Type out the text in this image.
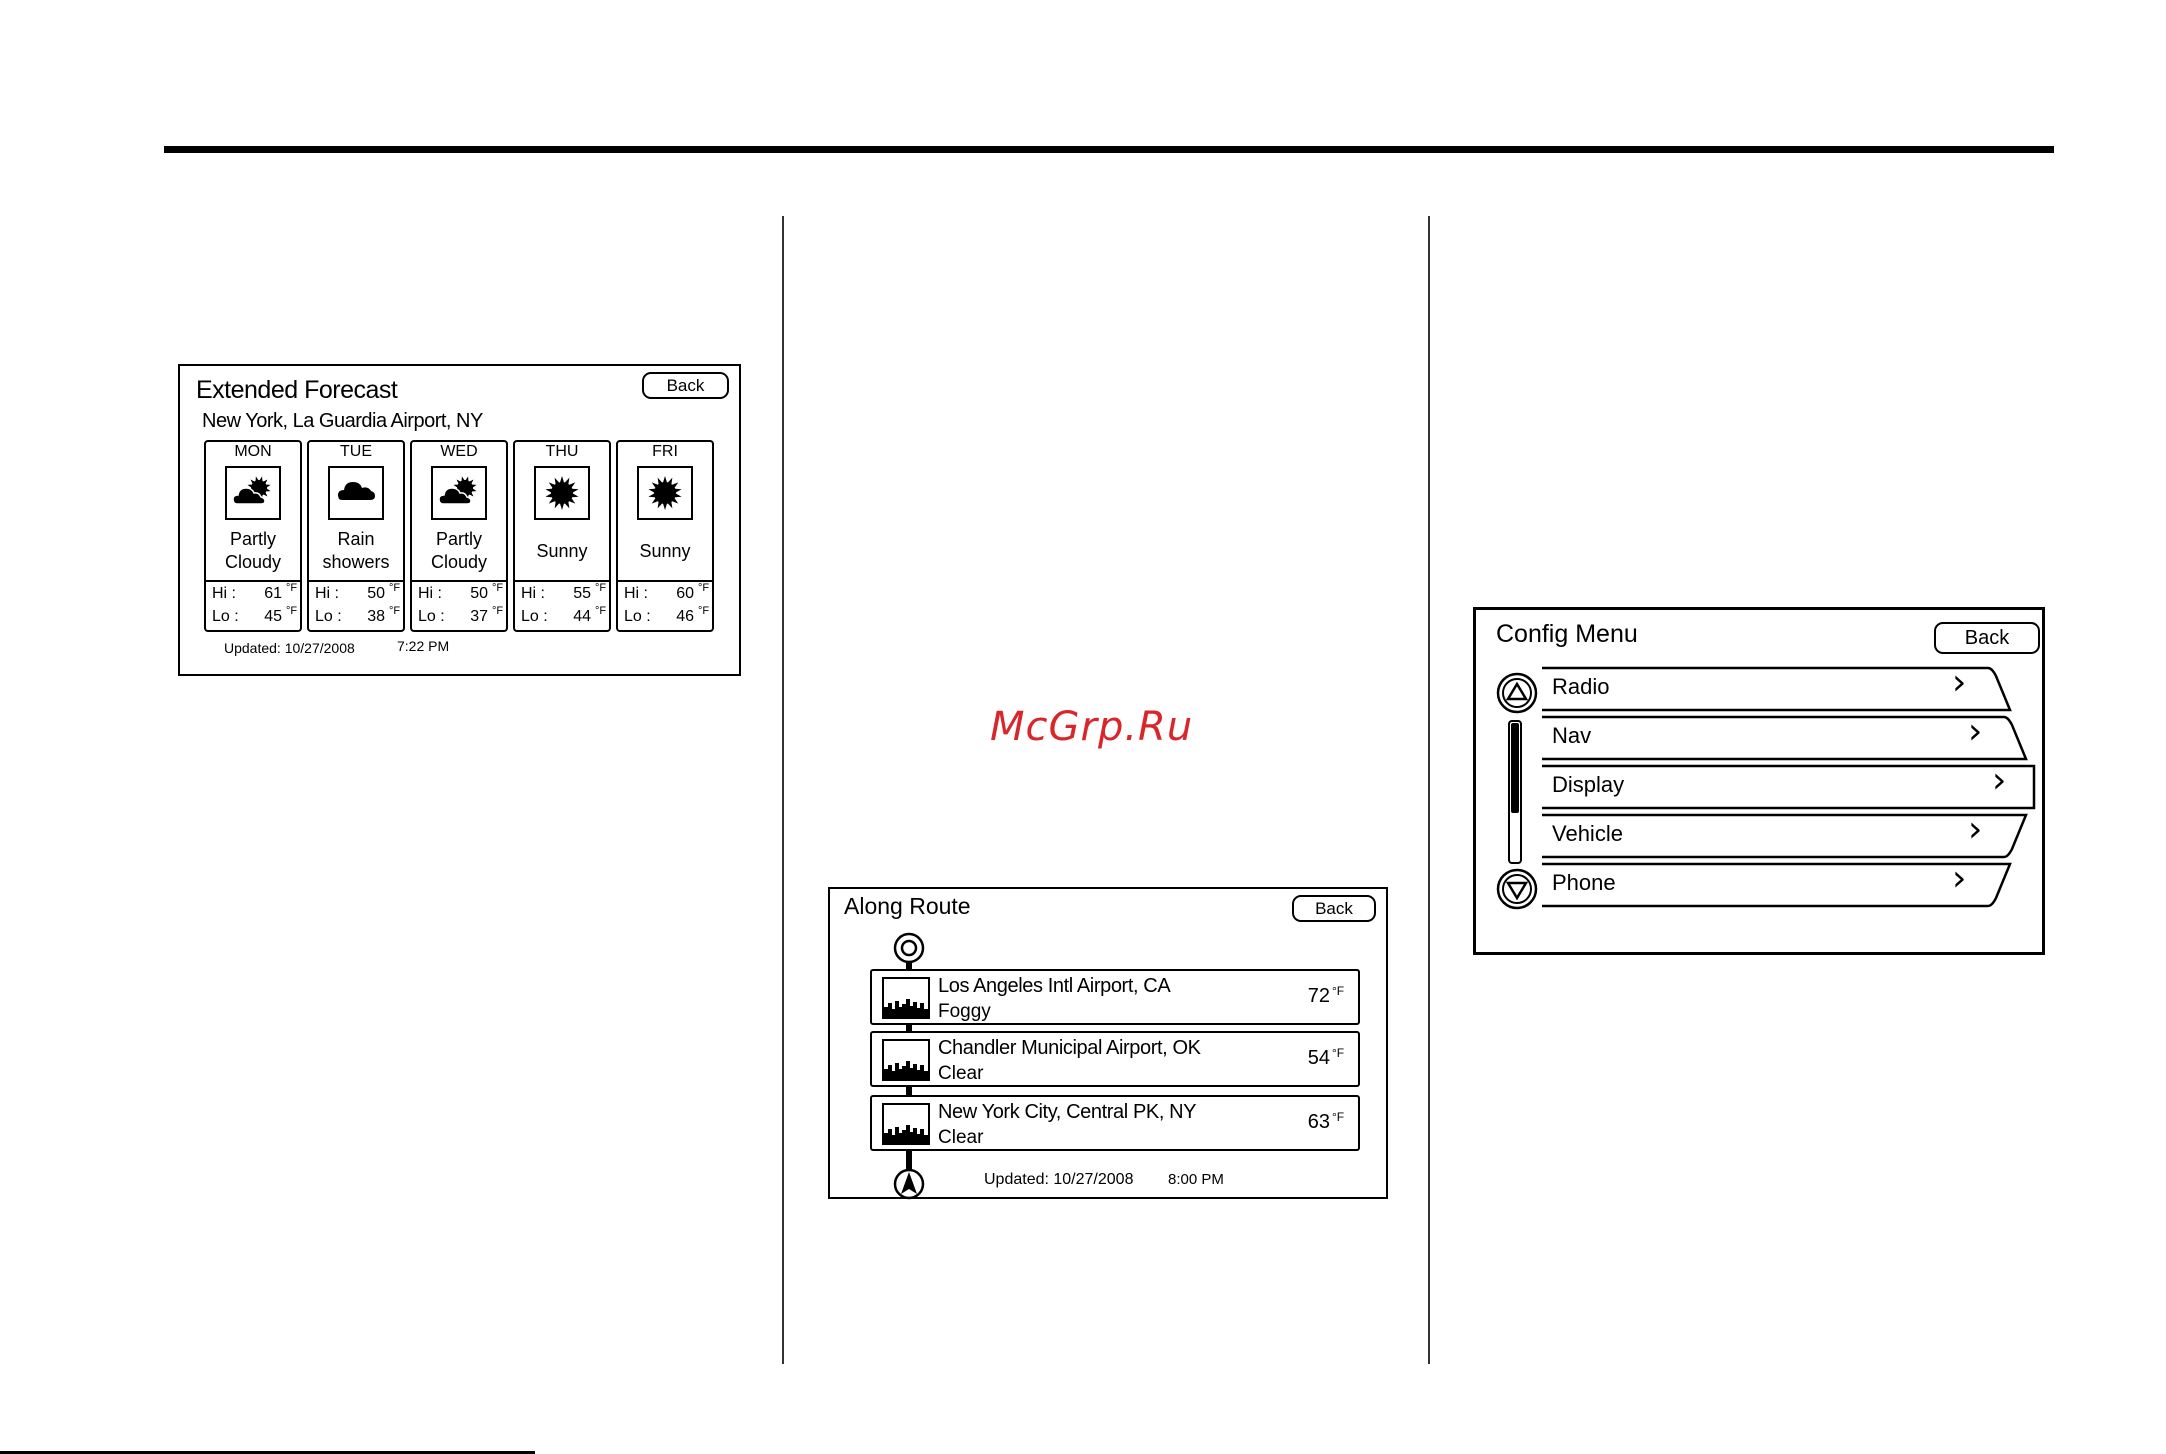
McGrp.Ru
Extended Forecast	Back
New York, La Guardia Airport, NY
MON
Partly Cloudy
Hi : 61 °F
Lo : 45 °F
TUE
Rain showers
Hi : 50 °F
Lo : 38 °F
WED
Partly Cloudy
Hi : 50 °F
Lo : 37 °F
THU
Sunny
Hi : 55 °F
Lo : 44 °F
FRI
Sunny
Hi : 60 °F
Lo : 46 °F
Updated: 10/27/2008	7:22 PM
Along Route	Back
Los Angeles Intl Airport, CA
Foggy
72 °F
Chandler Municipal Airport, OK
Clear
54 °F
New York City, Central PK, NY
Clear
63 °F
Updated: 10/27/2008 8:00 PM
Config Menu	Back
Radio	›
Nav	›
Display	›
Vehicle	›
Phone	›
